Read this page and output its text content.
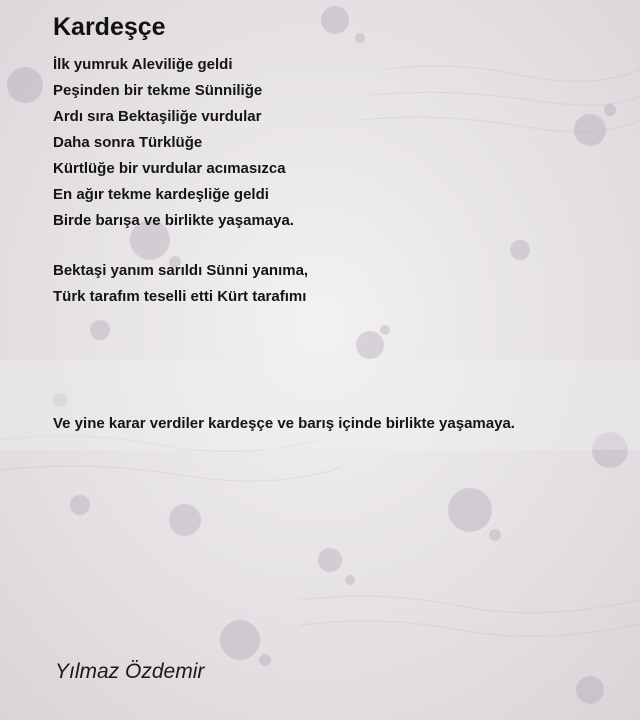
Kardeşçe
İlk yumruk Aleviliğe geldi
Peşinden bir tekme Sünniliğe
Ardı sıra Bektaşiliğe vurdular
Daha sonra Türklüğe
Kürtlüğe bir vurdular acımasızca
En ağır tekme kardeşliğe geldi
Birde barışa ve birlikte yaşamaya.
Bektaşi yanım sarıldı Sünni yanıma,
Türk tarafım teselli etti Kürt tarafımı
Ve yine karar verdiler kardeşçe ve barış içinde birlikte yaşamaya.

Yılmaz Özdemir
